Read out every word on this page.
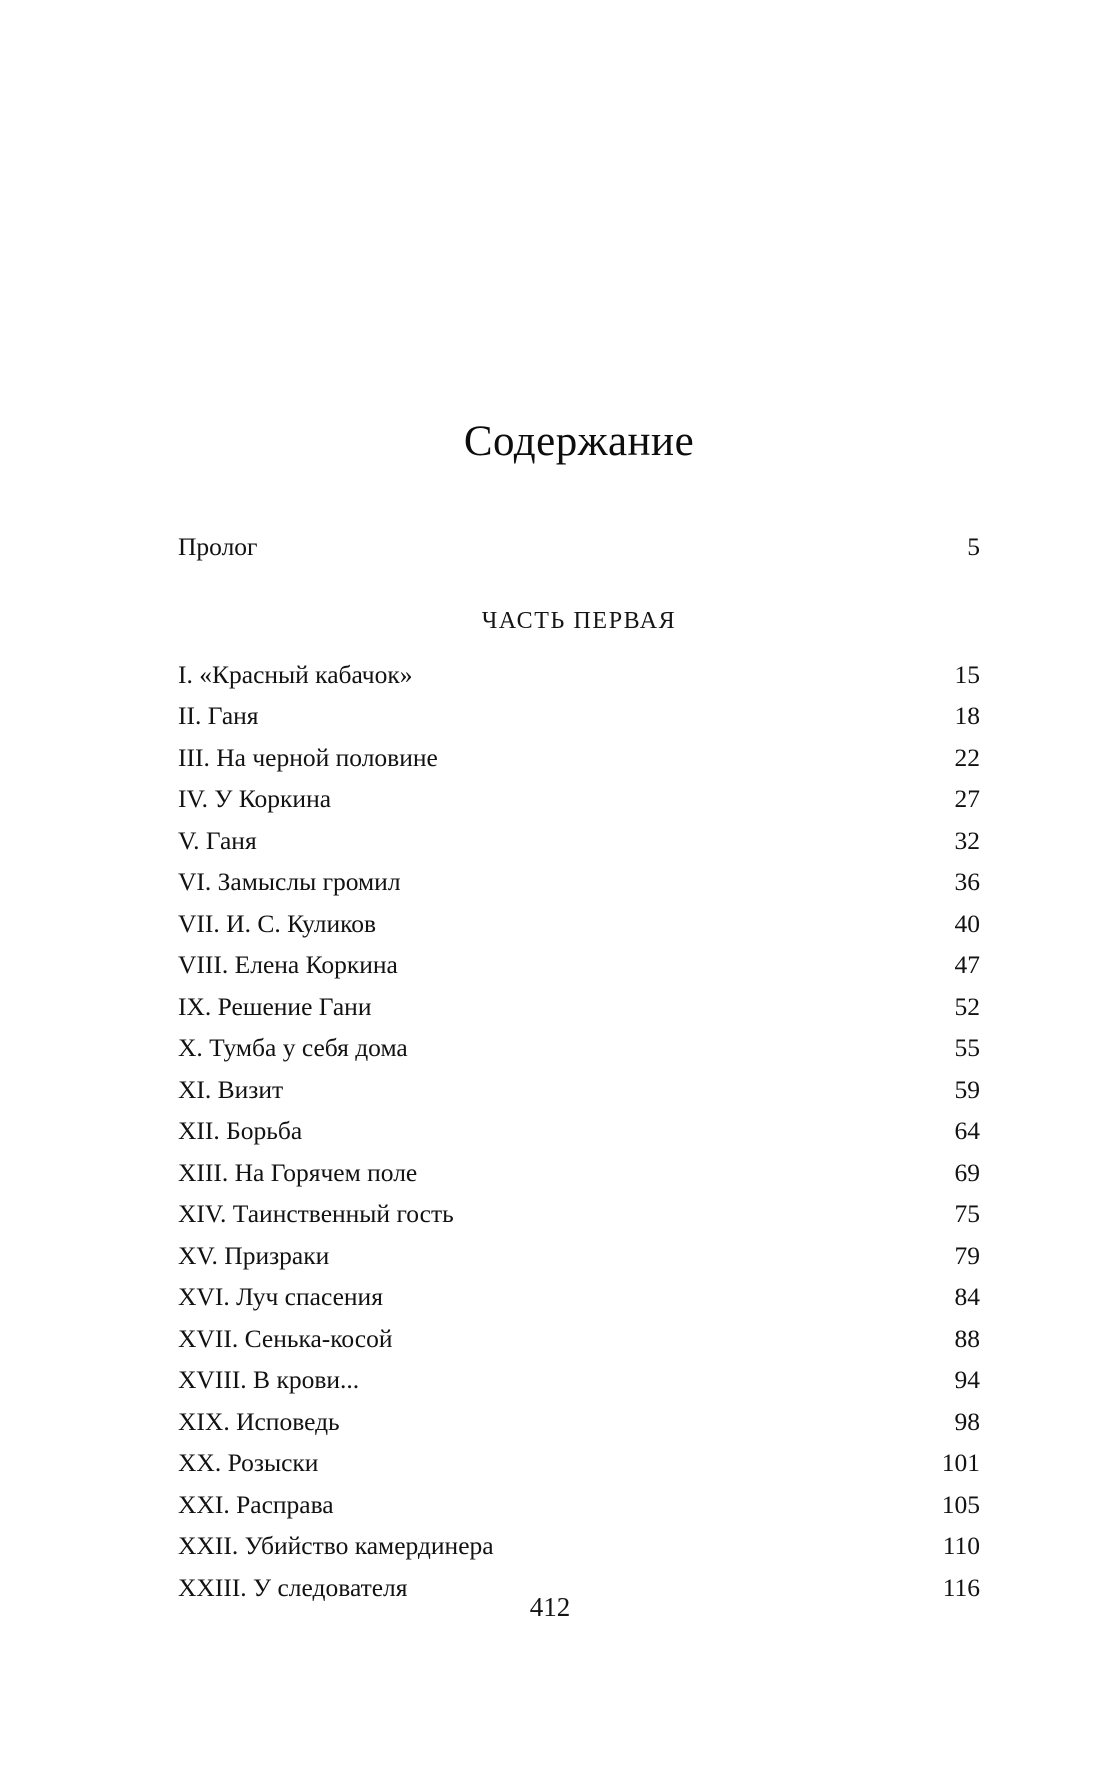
Содержание
Пролог . . .	5
ЧАСТЬ ПЕРВАЯ
I. «Красный кабачок» . . .	15
II. Ганя . . .	18
III. На черной половине . . .	22
IV. У Коркина . . .	27
V. Ганя . . .	32
VI. Замыслы громил . . .	36
VII. И. С. Куликов . . .	40
VIII. Елена Коркина . . .	47
IX. Решение Гани . . .	52
X. Тумба у себя дома . . .	55
XI. Визит . . .	59
XII. Борьба . . .	64
XIII. На Горячем поле . . .	69
XIV. Таинственный гость . . .	75
XV. Призраки . . .	79
XVI. Луч спасения . . .	84
XVII. Сенька-косой . . .	88
XVIII. В крови... . . .	94
XIX. Исповедь . . .	98
XX. Розыски . . .	101
XXI. Расправа . . .	105
XXII. Убийство камердинера . . .	110
XXIII. У следователя . . .	116
412
